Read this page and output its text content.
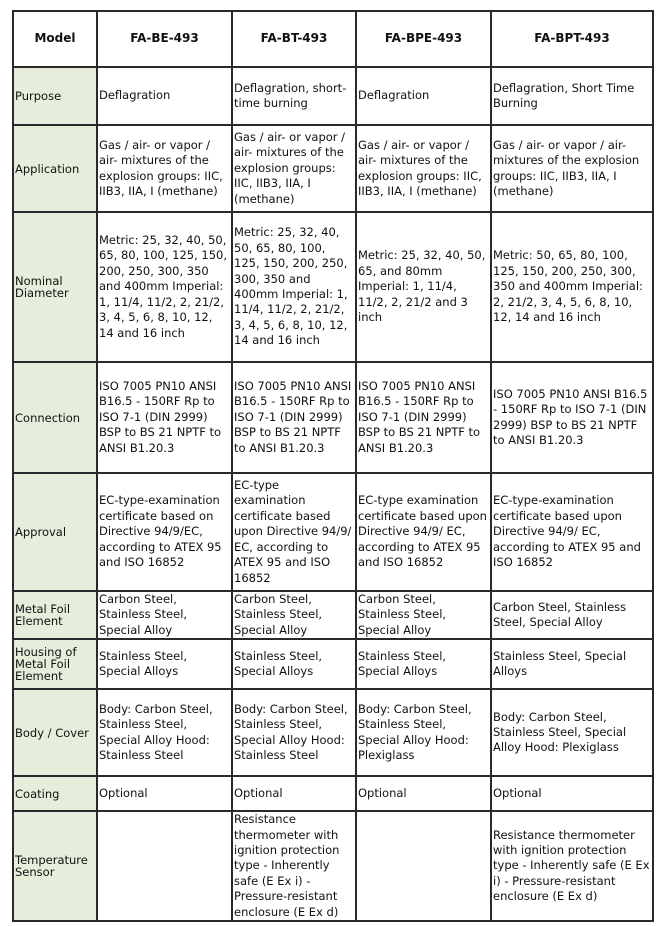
Model	FA-BE-493	FA-BT-493	FA-BPE-493	FA-BPT-493
Purpose	Deflagration	Deflagration, short-time burning	Deflagration	Deflagration, Short Time Burning
Application	Gas / air- or vapor / air- mixtures of the explosion groups: IIC, IIB3, IIA, I (methane)	Gas / air- or vapor / air- mixtures of the explosion groups: IIC, IIB3, IIA, I (methane)	Gas / air- or vapor / air- mixtures of the explosion groups: IIC, IIB3, IIA, I (methane)	Gas / air- or vapor / air- mixtures of the explosion groups: IIC, IIB3, IIA, I (methane)
Nominal Diameter	Metric: 25, 32, 40, 50, 65, 80, 100, 125, 150, 200, 250, 300, 350 and 400mm Imperial: 1, 11/4, 11/2, 2, 21/2, 3, 4, 5, 6, 8, 10, 12, 14 and 16 inch	Metric: 25, 32, 40, 50, 65, 80, 100, 125, 150, 200, 250, 300, 350 and 400mm Imperial: 1, 11/4, 11/2, 2, 21/2, 3, 4, 5, 6, 8, 10, 12, 14 and 16 inch	Metric: 25, 32, 40, 50, 65, and 80mm Imperial: 1, 11/4, 11/2, 2, 21/2 and 3 inch	Metric: 50, 65, 80, 100, 125, 150, 200, 250, 300, 350 and 400mm Imperial: 2, 21/2, 3, 4, 5, 6, 8, 10, 12, 14 and 16 inch
Connection	ISO 7005 PN10 ANSI B16.5 - 150RF Rp to ISO 7-1 (DIN 2999) BSP to BS 21 NPTF to ANSI B1.20.3	ISO 7005 PN10 ANSI B16.5 - 150RF Rp to ISO 7-1 (DIN 2999) BSP to BS 21 NPTF to ANSI B1.20.3	ISO 7005 PN10 ANSI B16.5 - 150RF Rp to ISO 7-1 (DIN 2999) BSP to BS 21 NPTF to ANSI B1.20.3	ISO 7005 PN10 ANSI B16.5 - 150RF Rp to ISO 7-1 (DIN 2999) BSP to BS 21 NPTF to ANSI B1.20.3
Approval	EC-type-examination certificate based on Directive 94/9/EC, according to ATEX 95 and ISO 16852	EC-type examination certificate based upon Directive 94/9/ EC, according to ATEX 95 and ISO 16852	EC-type examination certificate based upon Directive 94/9/ EC, according to ATEX 95 and ISO 16852	EC-type-examination certificate based upon Directive 94/9/ EC, according to ATEX 95 and ISO 16852
Metal Foil Element	Carbon Steel, Stainless Steel, Special Alloy	Carbon Steel, Stainless Steel, Special Alloy	Carbon Steel, Stainless Steel, Special Alloy	Carbon Steel, Stainless Steel, Special Alloy
Housing of Metal Foil Element	Stainless Steel, Special Alloys	Stainless Steel, Special Alloys	Stainless Steel, Special Alloys	Stainless Steel, Special Alloys
Body / Cover	Body: Carbon Steel, Stainless Steel, Special Alloy Hood: Stainless Steel	Body: Carbon Steel, Stainless Steel, Special Alloy Hood: Stainless Steel	Body: Carbon Steel, Stainless Steel, Special Alloy Hood: Plexiglass	Body: Carbon Steel, Stainless Steel, Special Alloy Hood: Plexiglass
Coating	Optional	Optional	Optional	Optional
Temperature Sensor		Resistance thermometer with ignition protection type - Inherently safe (E Ex i) - Pressure-resistant enclosure (E Ex d)		Resistance thermometer with ignition protection type - Inherently safe (E Ex i) - Pressure-resistant enclosure (E Ex d)
